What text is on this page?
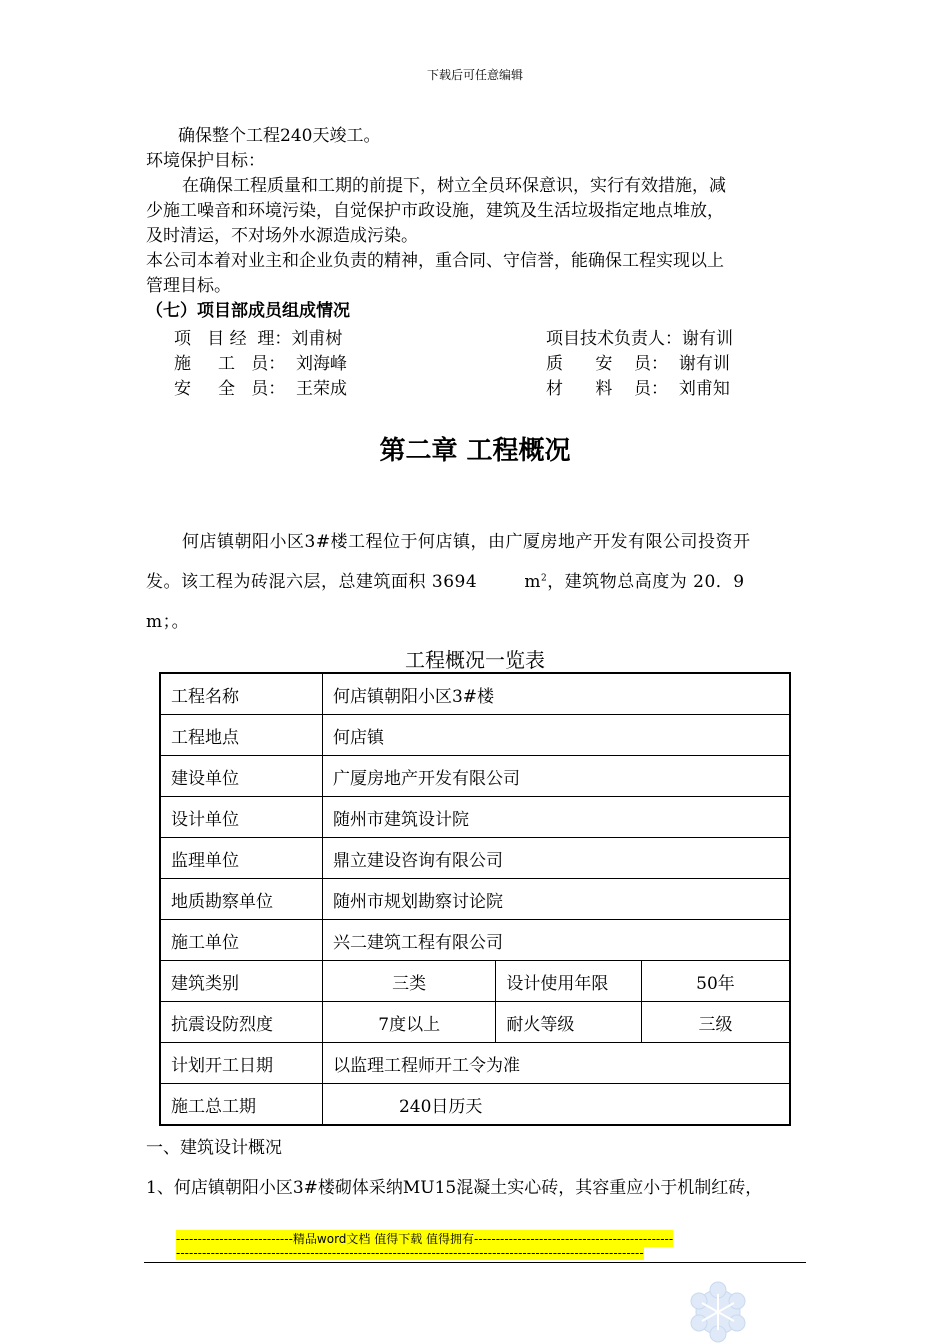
下载后可任意编辑
确保整个工程240天竣工。
环境保护目标：
在确保工程质量和工期的前提下，树立全员环保意识，实行有效措施，减
少施工噪音和环境污染，自觉保护市政设施，建筑及生活垃圾指定地点堆放，
及时清运，不对场外水源造成污染。
本公司本着对业主和企业负责的精神，重合同、守信誉，能确保工程实现以上
管理目标。
（七）项目部成员组成情况
项   目 经  理：刘甫树	项目技术负责人：谢有训
施     工   员：  刘海峰	质      安    员：  谢有训
安     全   员：  王荣成	材      料    员：  刘甫知
第二章 工程概况
何店镇朝阳小区3#楼工程位于何店镇，由广厦房地产开发有限公司投资开
发。该工程为砖混六层，总建筑面积 3694        $m^2$，建筑物总高度为 20．9
m；。
工程概况一览表
工程名称	何店镇朝阳小区3#楼		
工程地点	何店镇		
建设单位	广厦房地产开发有限公司		
设计单位	随州市建筑设计院		
监理单位	鼎立建设咨询有限公司		
地质勘察单位	随州市规划勘察讨论院		
施工单位	兴二建筑工程有限公司		
建筑类别	三类	设计使用年限	50年
抗震设防烈度	7度以上	耐火等级	三级
计划开工日期	以监理工程师开工令为准		
施工总工期	240日历天		
一、建筑设计概况
1、何店镇朝阳小区3#楼砌体采纳MU15混凝土实心砖，其容重应小于机制红砖，
---------------------------精品word文档 值得下载 值得拥有----------------------------------------------
------------------------------------------------------------------------------------------------------------
